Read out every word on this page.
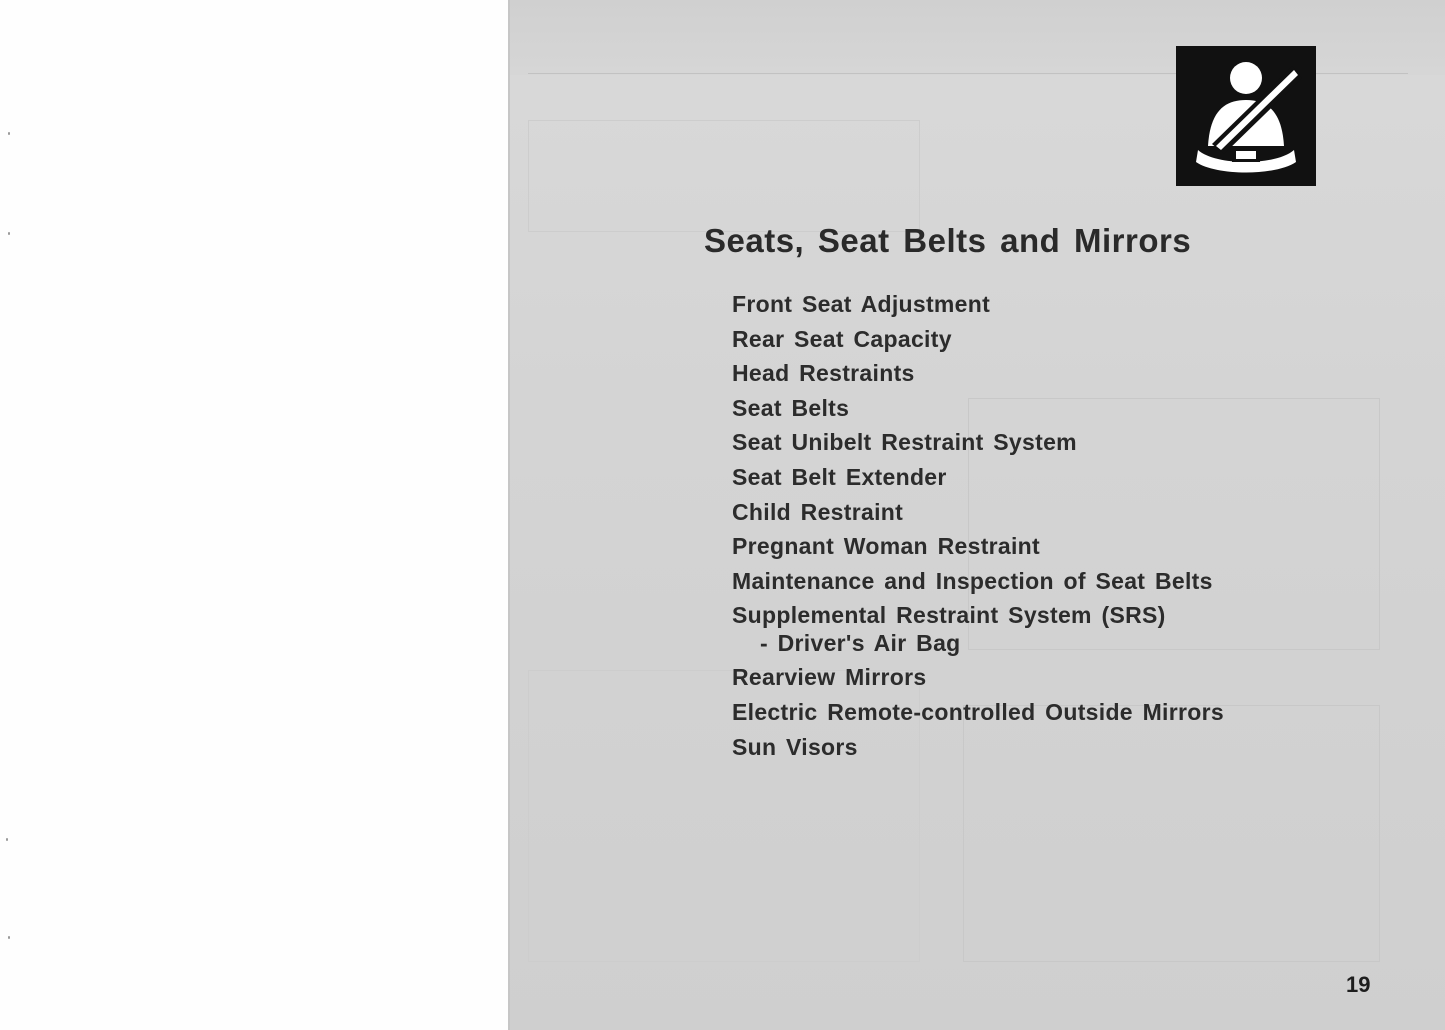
Seats, Seat Belts and Mirrors
Front Seat Adjustment
Rear Seat Capacity
Head Restraints
Seat Belts
Seat Unibelt Restraint System
Seat Belt Extender
Child Restraint
Pregnant Woman Restraint
Maintenance and Inspection of Seat Belts
Supplemental Restraint System (SRS)
- Driver's Air Bag
Rearview Mirrors
Electric Remote-controlled Outside Mirrors
Sun Visors
19
